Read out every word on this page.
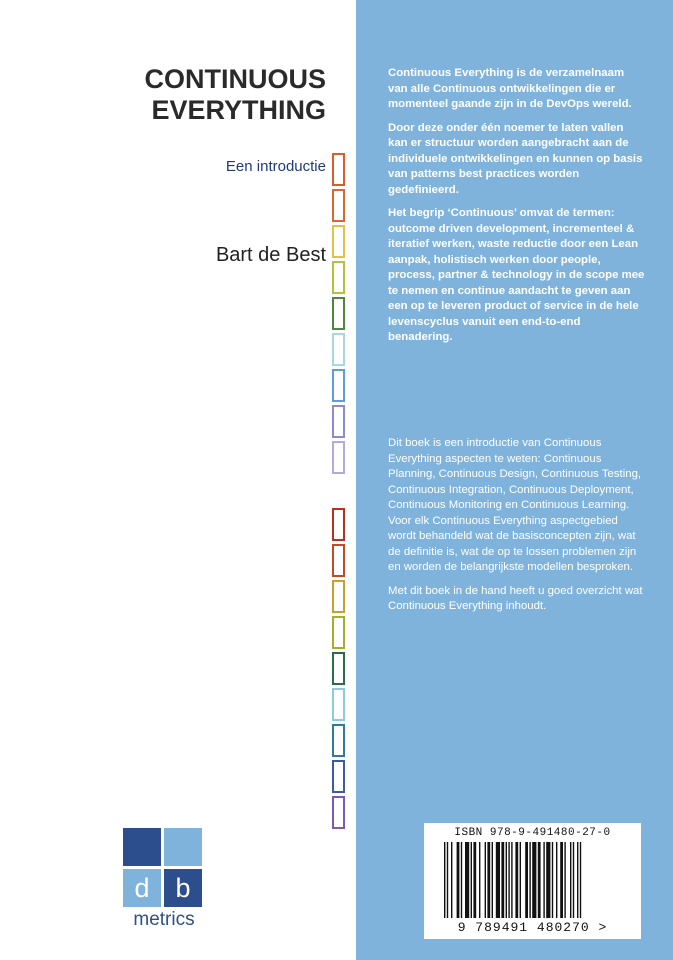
CONTINUOUS
EVERYTHING
Een introductie
Bart de Best
d b
metrics

Continuous Everything is de verzamelnaam van alle Continuous ontwikkelingen die er momenteel gaande zijn in de DevOps wereld.

Door deze onder één noemer te laten vallen kan er structuur worden aangebracht aan de individuele ontwikkelingen en kunnen op basis van patterns best practices worden gedefinieerd.

Het begrip ‘Continuous’ omvat de termen: outcome driven development, incrementeel & iteratief werken, waste reductie door een Lean aanpak, holistisch werken door people, process, partner & technology in de scope mee te nemen en continue aandacht te geven aan een op te leveren product of service in de hele levenscyclus vanuit een end-to-end benadering.

Dit boek is een introductie van Continuous Everything aspecten te weten: Continuous Planning, Continuous Design, Continuous Testing, Continuous Integration, Continuous Deployment, Continuous Monitoring en Continuous Learning. Voor elk Continuous Everything aspectgebied wordt behandeld wat de basisconcepten zijn, wat de definitie is, wat de op te lossen problemen zijn en worden de belangrijkste modellen besproken.

Met dit boek in de hand heeft u goed overzicht wat Continuous Everything inhoudt.

ISBN 978-9-491480-27-0
9 789491 480270 >
